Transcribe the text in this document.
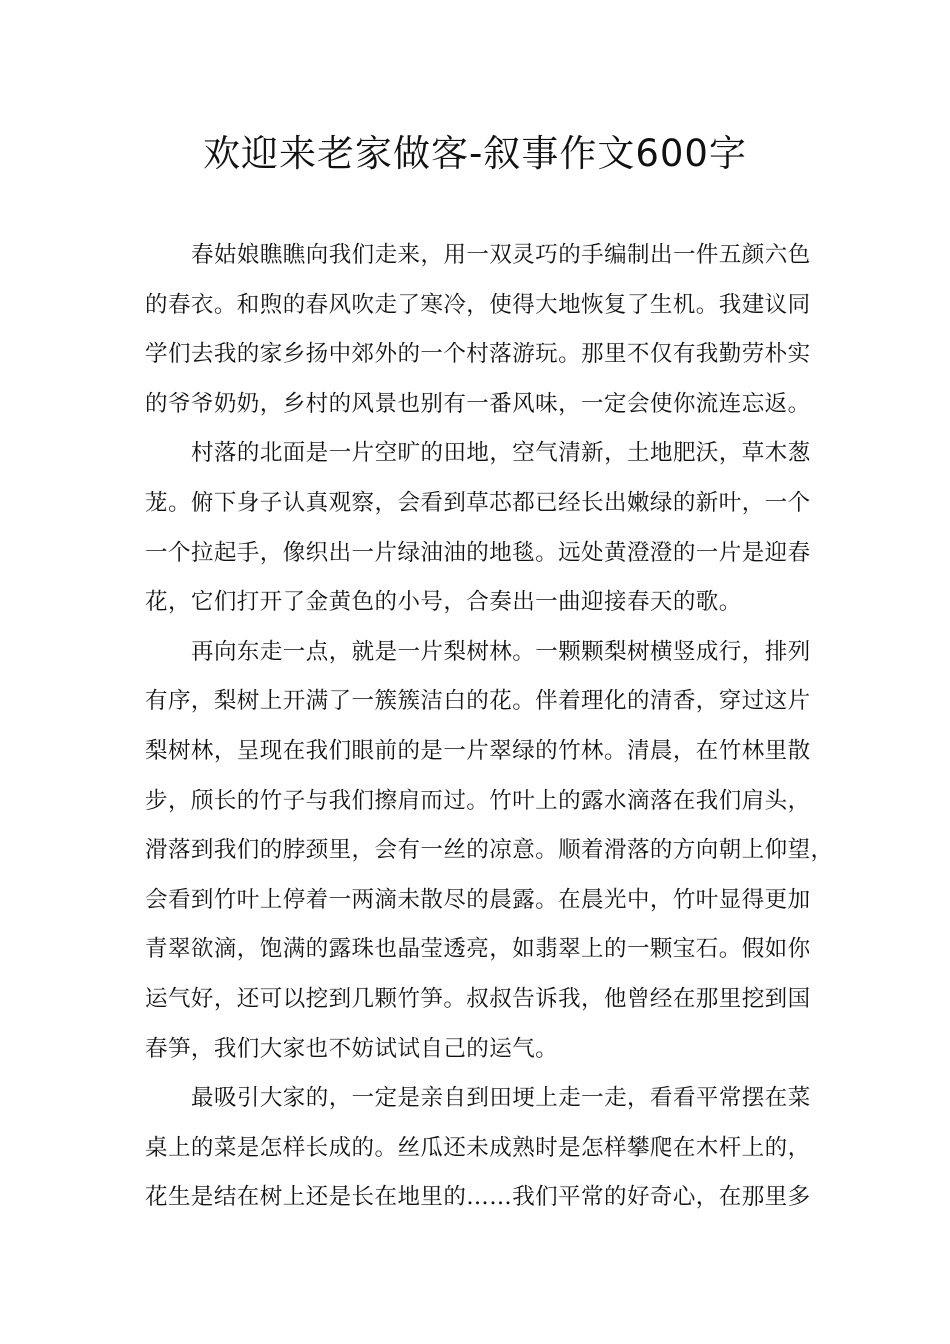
欢迎来老家做客-叙事作文600字
春姑娘瞧瞧向我们走来，用一双灵巧的手编制出一件五颜六色
的春衣。和煦的春风吹走了寒冷，使得大地恢复了生机。我建议同
学们去我的家乡扬中郊外的一个村落游玩。那里不仅有我勤劳朴实
的爷爷奶奶，乡村的风景也别有一番风味，一定会使你流连忘返。
村落的北面是一片空旷的田地，空气清新，土地肥沃，草木葱
茏。俯下身子认真观察，会看到草芯都已经长出嫩绿的新叶，一个
一个拉起手，像织出一片绿油油的地毯。远处黄澄澄的一片是迎春
花，它们打开了金黄色的小号，合奏出一曲迎接春天的歌。
再向东走一点，就是一片梨树林。一颗颗梨树横竖成行，排列
有序，梨树上开满了一簇簇洁白的花。伴着理化的清香，穿过这片
梨树林，呈现在我们眼前的是一片翠绿的竹林。清晨，在竹林里散
步，颀长的竹子与我们擦肩而过。竹叶上的露水滴落在我们肩头，
滑落到我们的脖颈里，会有一丝的凉意。顺着滑落的方向朝上仰望，
会看到竹叶上停着一两滴未散尽的晨露。在晨光中，竹叶显得更加
青翠欲滴，饱满的露珠也晶莹透亮，如翡翠上的一颗宝石。假如你
运气好，还可以挖到几颗竹笋。叔叔告诉我，他曾经在那里挖到国
春笋，我们大家也不妨试试自己的运气。
最吸引大家的，一定是亲自到田埂上走一走，看看平常摆在菜
桌上的菜是怎样长成的。丝瓜还未成熟时是怎样攀爬在木杆上的，
花生是结在树上还是长在地里的……我们平常的好奇心，在那里多
